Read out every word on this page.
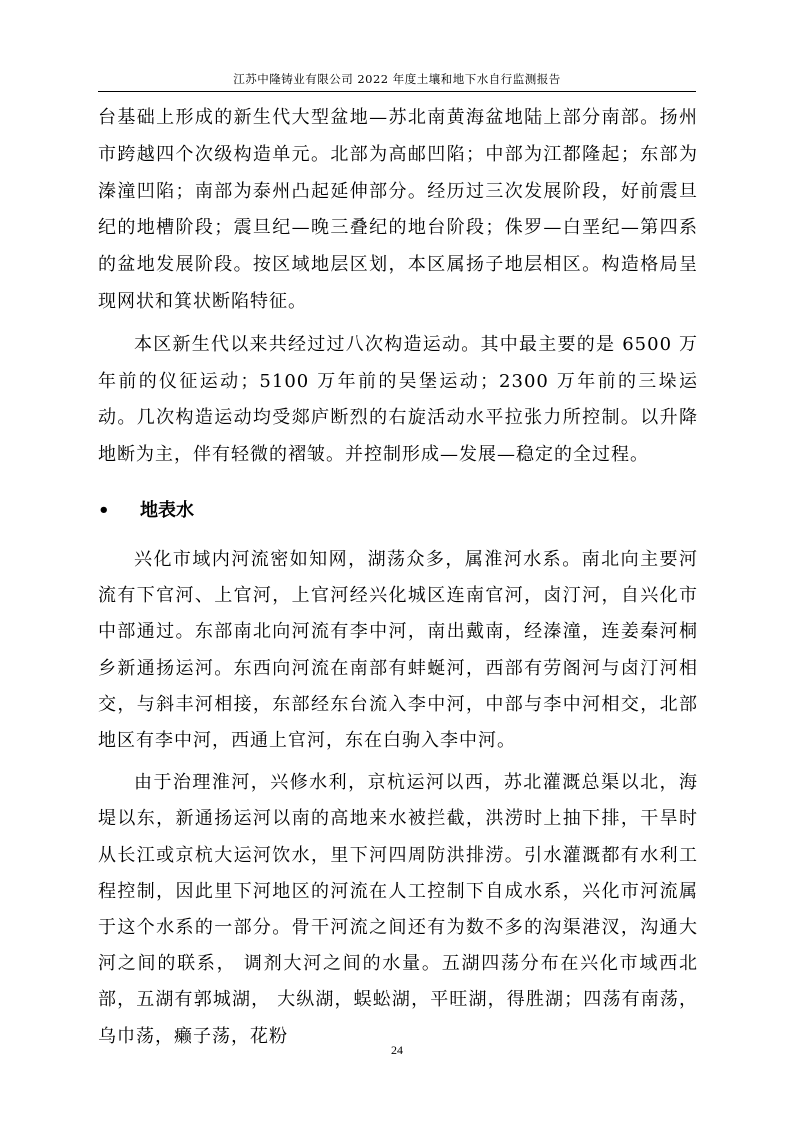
江苏中隆铸业有限公司 2022 年度土壤和地下水自行监测报告

台基础上形成的新生代大型盆地—苏北南黄海盆地陆上部分南部。扬州市跨越四个次级构造单元。北部为高邮凹陷；中部为江都隆起；东部为溱潼凹陷；南部为泰州凸起延伸部分。经历过三次发展阶段，好前震旦纪的地槽阶段；震旦纪—晚三叠纪的地台阶段；侏罗—白垩纪—第四系的盆地发展阶段。按区域地层区划，本区属扬子地层相区。构造格局呈现网状和箕状断陷特征。

本区新生代以来共经过过八次构造运动。其中最主要的是 6500 万年前的仪征运动；5100 万年前的吴堡运动；2300 万年前的三垛运动。几次构造运动均受郯庐断烈的右旋活动水平拉张力所控制。以升降地断为主，伴有轻微的褶皱。并控制形成—发展—稳定的全过程。

•	地表水

兴化市域内河流密如知网，湖荡众多，属淮河水系。南北向主要河流有下官河、上官河，上官河经兴化城区连南官河，卤汀河，自兴化市中部通过。东部南北向河流有李中河，南出戴南，经溱潼，连姜秦河桐乡新通扬运河。东西向河流在南部有蚌蜒河，西部有劳阁河与卤汀河相交，与斜丰河相接，东部经东台流入李中河，中部与李中河相交，北部地区有李中河，西通上官河，东在白驹入李中河。

由于治理淮河，兴修水利，京杭运河以西，苏北灌溉总渠以北，海堤以东，新通扬运河以南的高地来水被拦截，洪涝时上抽下排，干旱时从长江或京杭大运河饮水，里下河四周防洪排涝。引水灌溉都有水利工程控制，因此里下河地区的河流在人工控制下自成水系，兴化市河流属于这个水系的一部分。骨干河流之间还有为数不多的沟渠港汊，沟通大河之间的联系， 调剂大河之间的水量。五湖四荡分布在兴化市域西北部，五湖有郭城湖， 大纵湖，蜈蚣湖，平旺湖，得胜湖；四荡有南荡，乌巾荡，癞子荡，花粉

24
